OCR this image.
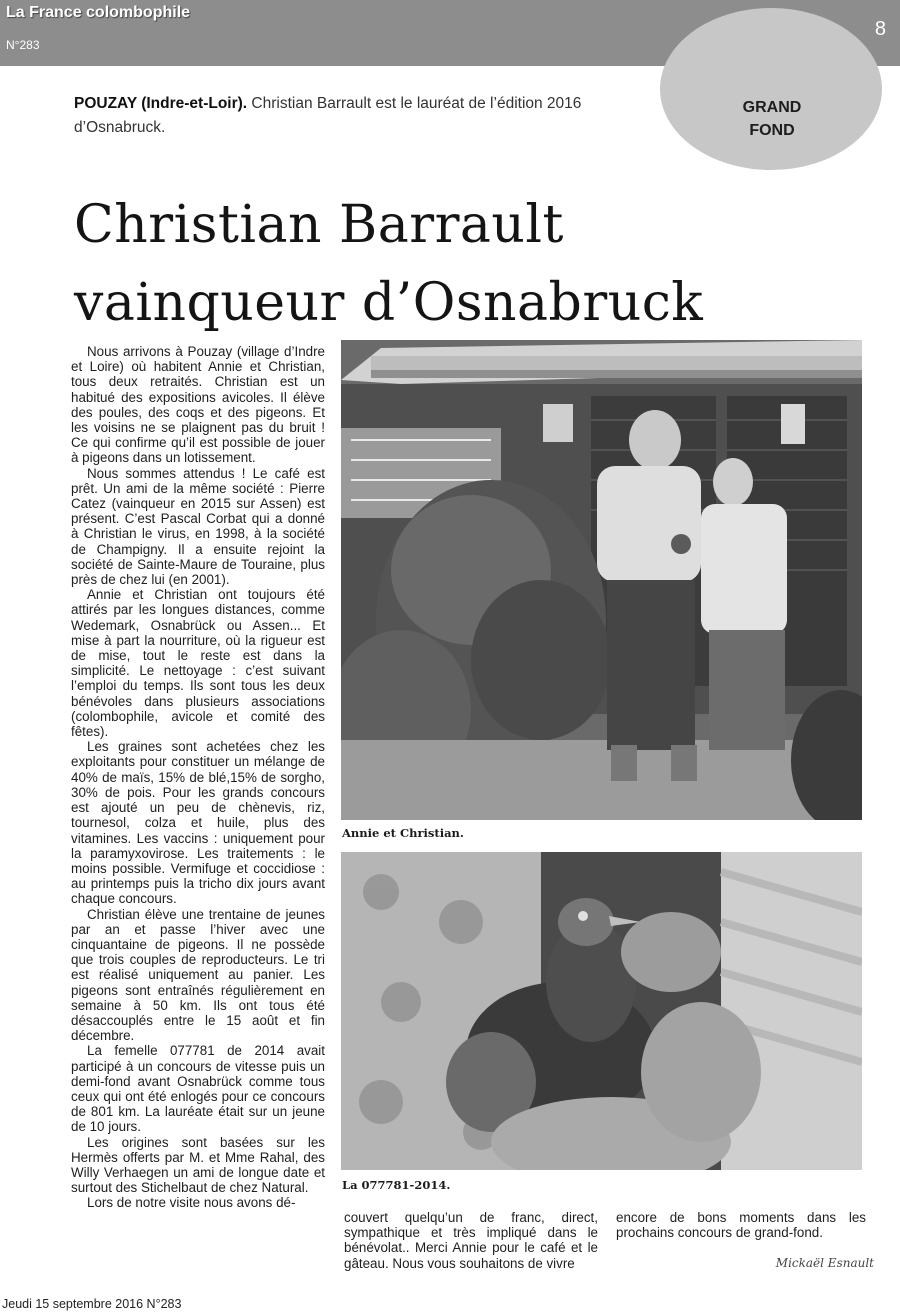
La France colombophile
N°283
8
GRAND
FOND
POUZAY (Indre-et-Loir). Christian Barrault est le lauréat de l’édition 2016 d’Osnabruck.
Christian Barrault
vainqueur d’Osnabruck

Nous arrivons à Pouzay (village d’Indre et Loire) où habitent Annie et Christian, tous deux retraités. Christian est un habitué des expositions avicoles. Il élève des poules, des coqs et des pigeons. Et les voisins ne se plaignent pas du bruit ! Ce qui confirme qu’il est possible de jouer à pigeons dans un lotissement.

Nous sommes attendus ! Le café est prêt. Un ami de la même société : Pierre Catez (vainqueur en 2015 sur Assen) est présent. C’est Pascal Corbat qui a donné à Christian le virus, en 1998, à la société de Champigny. Il a ensuite rejoint la société de Sainte-Maure de Touraine, plus près de chez lui (en 2001).

Annie et Christian ont toujours été attirés par les longues distances, comme Wedemark, Osnabrück ou Assen... Et mise à part la nourriture, où la rigueur est de mise, tout le reste est dans la simplicité. Le nettoyage : c’est suivant l’emploi du temps. Ils sont tous les deux bénévoles dans plusieurs associations (colombophile, avicole et comité des fêtes).

Les graines sont achetées chez les exploitants pour constituer un mélange de 40% de maïs, 15% de blé,15% de sorgho, 30% de pois. Pour les grands concours est ajouté un peu de chènevis, riz, tournesol, colza et huile, plus des vitamines. Les vaccins : uniquement pour la paramyxovirose. Les traitements : le moins possible. Vermifuge et coccidiose : au printemps puis la tricho dix jours avant chaque concours.

Christian élève une trentaine de jeunes par an et passe l’hiver avec une cinquantaine de pigeons. Il ne possède que trois couples de reproducteurs. Le tri est réalisé uniquement au panier. Les pigeons sont entraînés régulièrement en semaine à 50 km. Ils ont tous été désaccouplés entre le 15 août et fin décembre.

La femelle 077781 de 2014 avait participé à un concours de vitesse puis un demi-fond avant Osnabrück comme tous ceux qui ont été enlogés pour ce concours de 801 km. La lauréate était sur un jeune de 10 jours.

Les origines sont basées sur les Hermès offerts par M. et Mme Rahal, des Willy Verhaegen un ami de longue date et surtout des Stichelbaut de chez Natural.

Lors de notre visite nous avons dé-

Annie et Christian.
La 077781-2014.

couvert quelqu’un de franc, direct, sympathique et très impliqué dans le bénévolat.. Merci Annie pour le café et le gâteau. Nous vous souhaitons de vivre

encore de bons moments dans les prochains concours de grand-fond.

Mickaël Esnault
Jeudi 15 septembre 2016 N°283
